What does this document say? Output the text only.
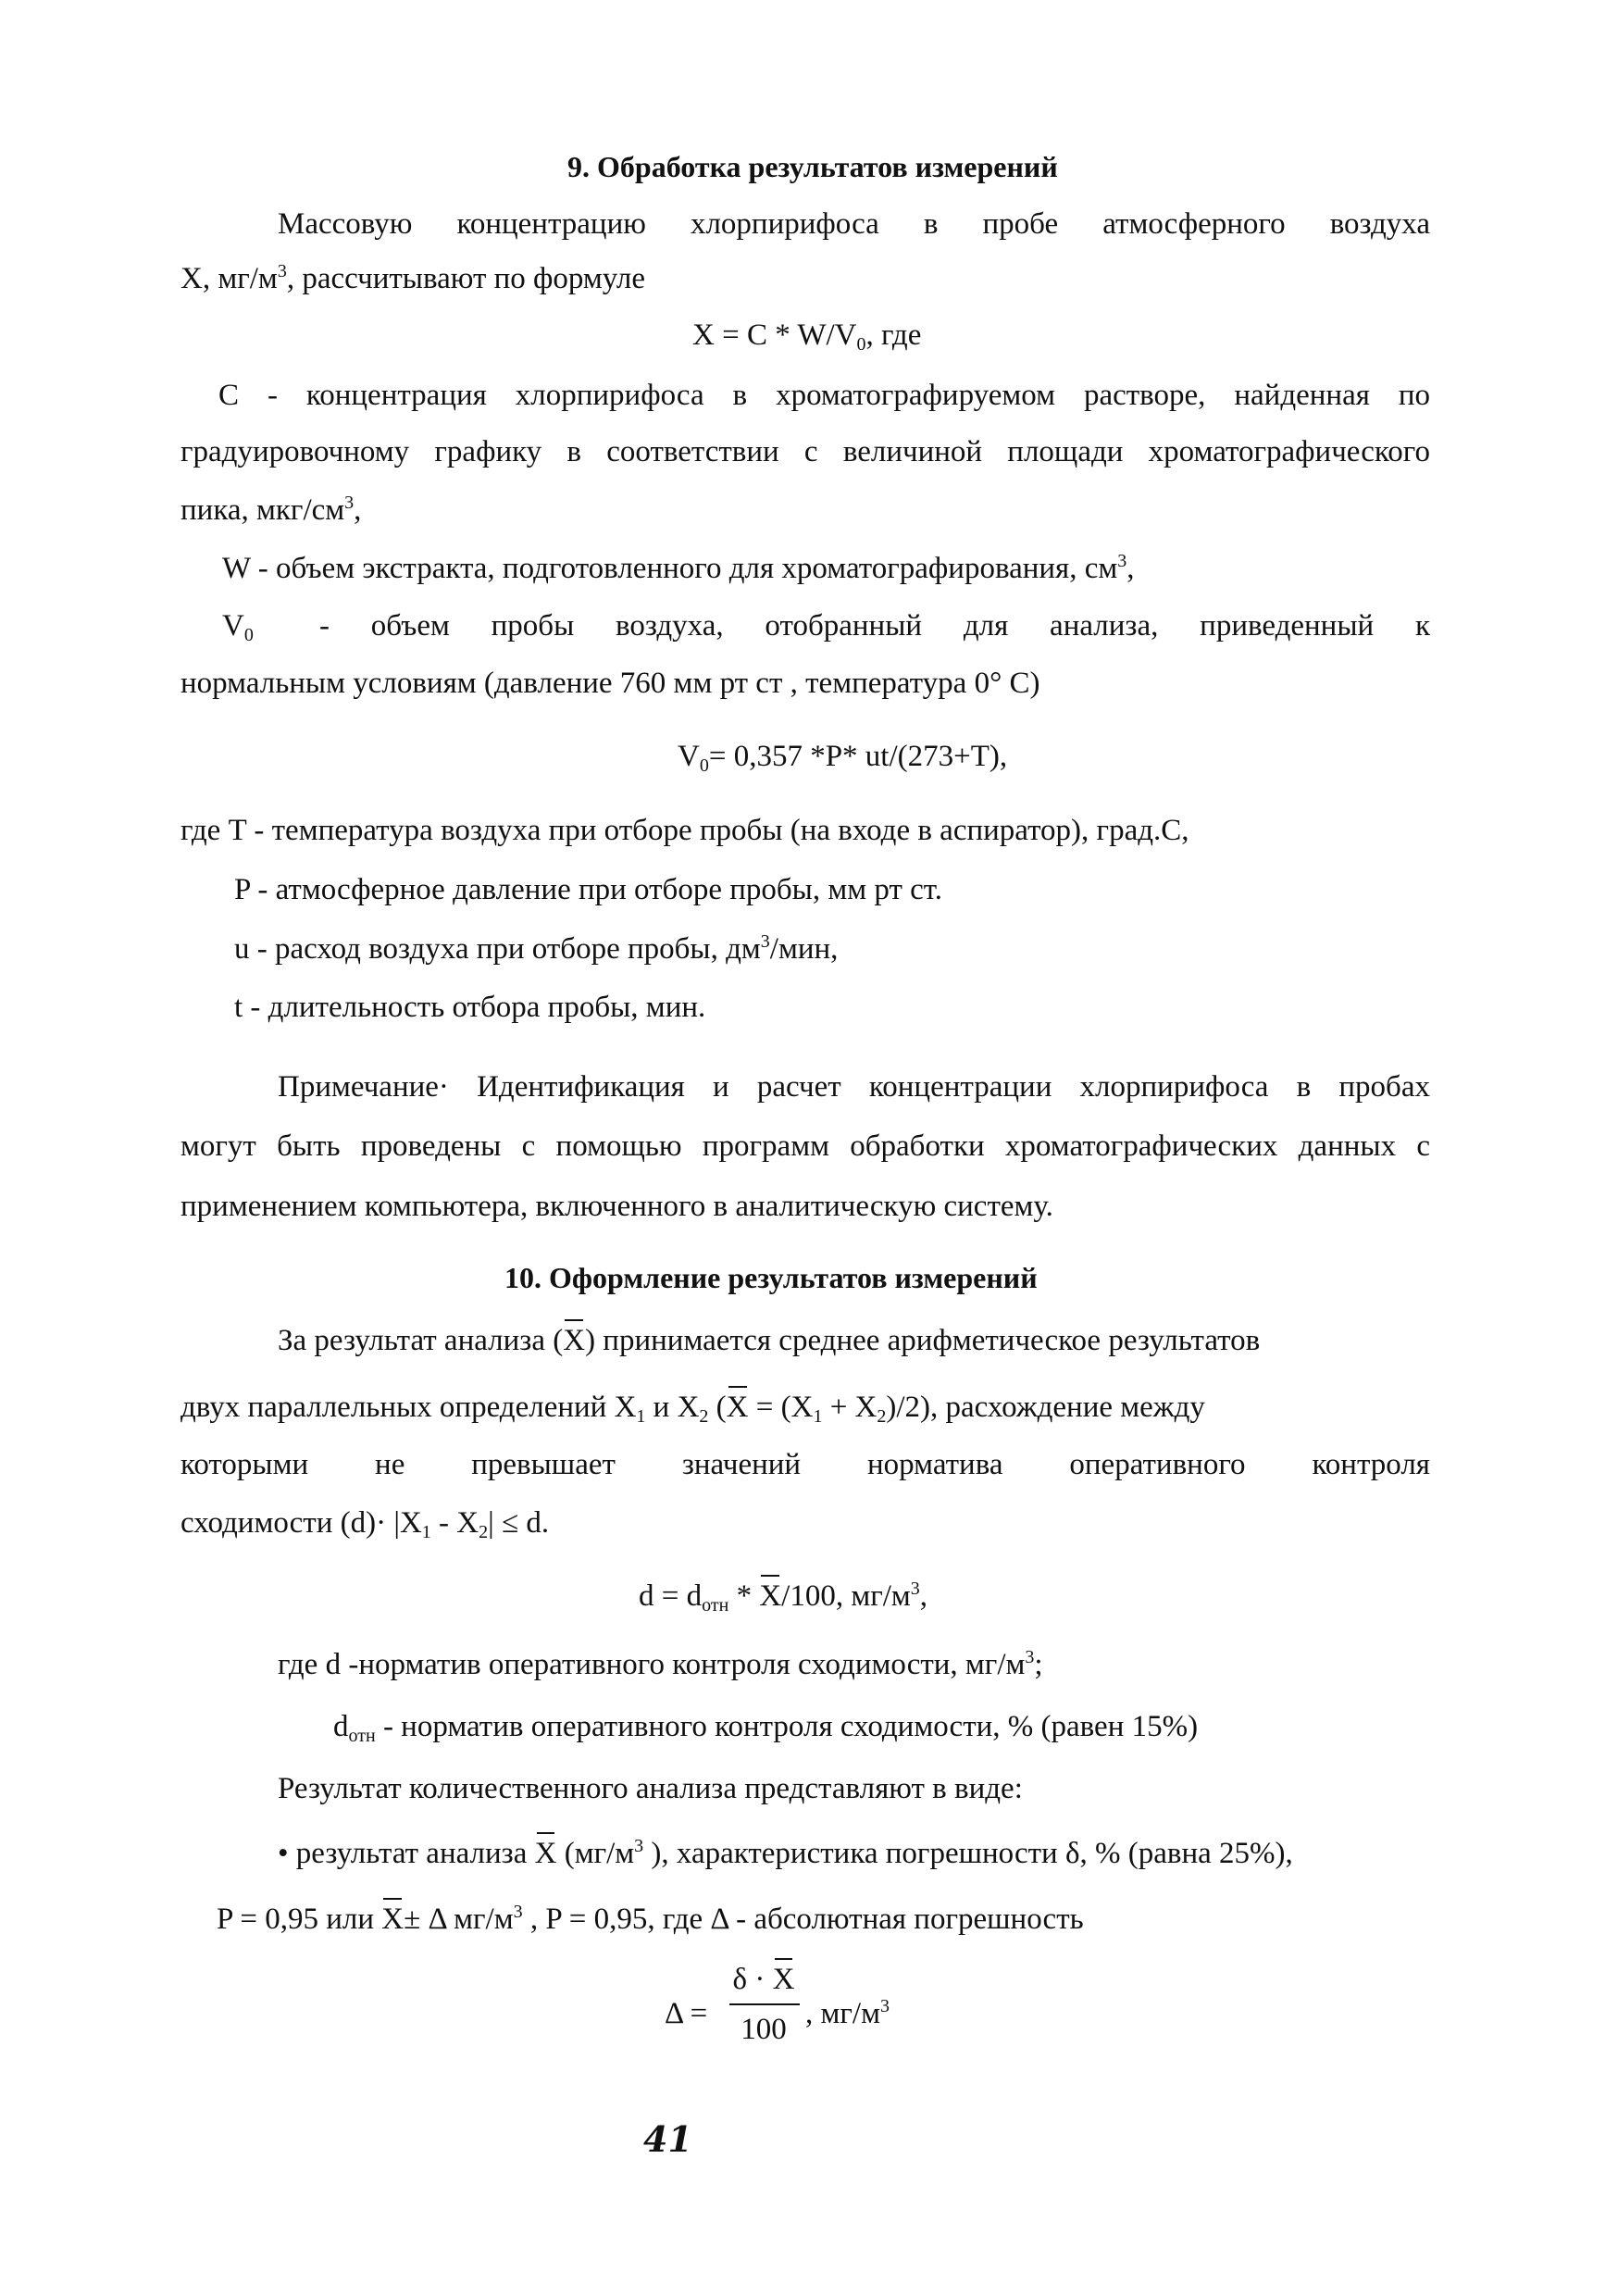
9. Обработка результатов измерений
Массовую концентрацию хлорпирифоса в пробе атмосферного воздуха
X, $мг/м^3$, рассчитывают по формуле
$X = C * W/V_0$, где
C - концентрация хлорпирифоса в хроматографируемом растворе, найденная по
градуировочному графику в соответствии с величиной площади хроматографического
пика, мкг/$см^3$,
W - объем экстракта, подготовленного для хроматографирования, $см^3$,
$V_0$ - объем пробы воздуха, отобранный для анализа, приведенный к
нормальным условиям (давление 760 мм рт ст , температура 0° C)
$V_0= 0,357$ *P* ut/(273+T),
где T - температура воздуха при отборе пробы (на входе в аспиратор), град.C,
P - атмосферное давление при отборе пробы, мм рт ст.
u - расход воздуха при отборе пробы, $дм^3$/мин,
t - длительность отбора пробы, мин.
Примечание· Идентификация и расчет концентрации хлорпирифоса в пробах
могут быть проведены с помощью программ обработки хроматографических данных с
применением компьютера, включенного в аналитическую систему.
10. Оформление результатов измерений
За результат анализа (X) принимается среднее арифметическое результатов
двух параллельных определений $X_1$ и $X_2$ $(X = (X_1 + X_2)/2)$, расхождение между
которыми не превышает значений норматива оперативного контроля
сходимости $(d)\cdot |X_1 - X_2| \le d$.
$d = d_{отн} * X/100$, $мг/м^3$,
где d -норматив оперативного контроля сходимости, $мг/м^3$;
$d_{отн}$ - норматив оперативного контроля сходимости, % (равен 15%)
Результат количественного анализа представляют в виде:
• результат анализа X ($мг/м^3$ ), характеристика погрешности δ, % (равна 25%),
P = 0,95 или X± Δ $мг/м^3$ , P = 0,95, где Δ - абсолютная погрешность
Δ =
δ · X
100 , $мг/м^3$
41
